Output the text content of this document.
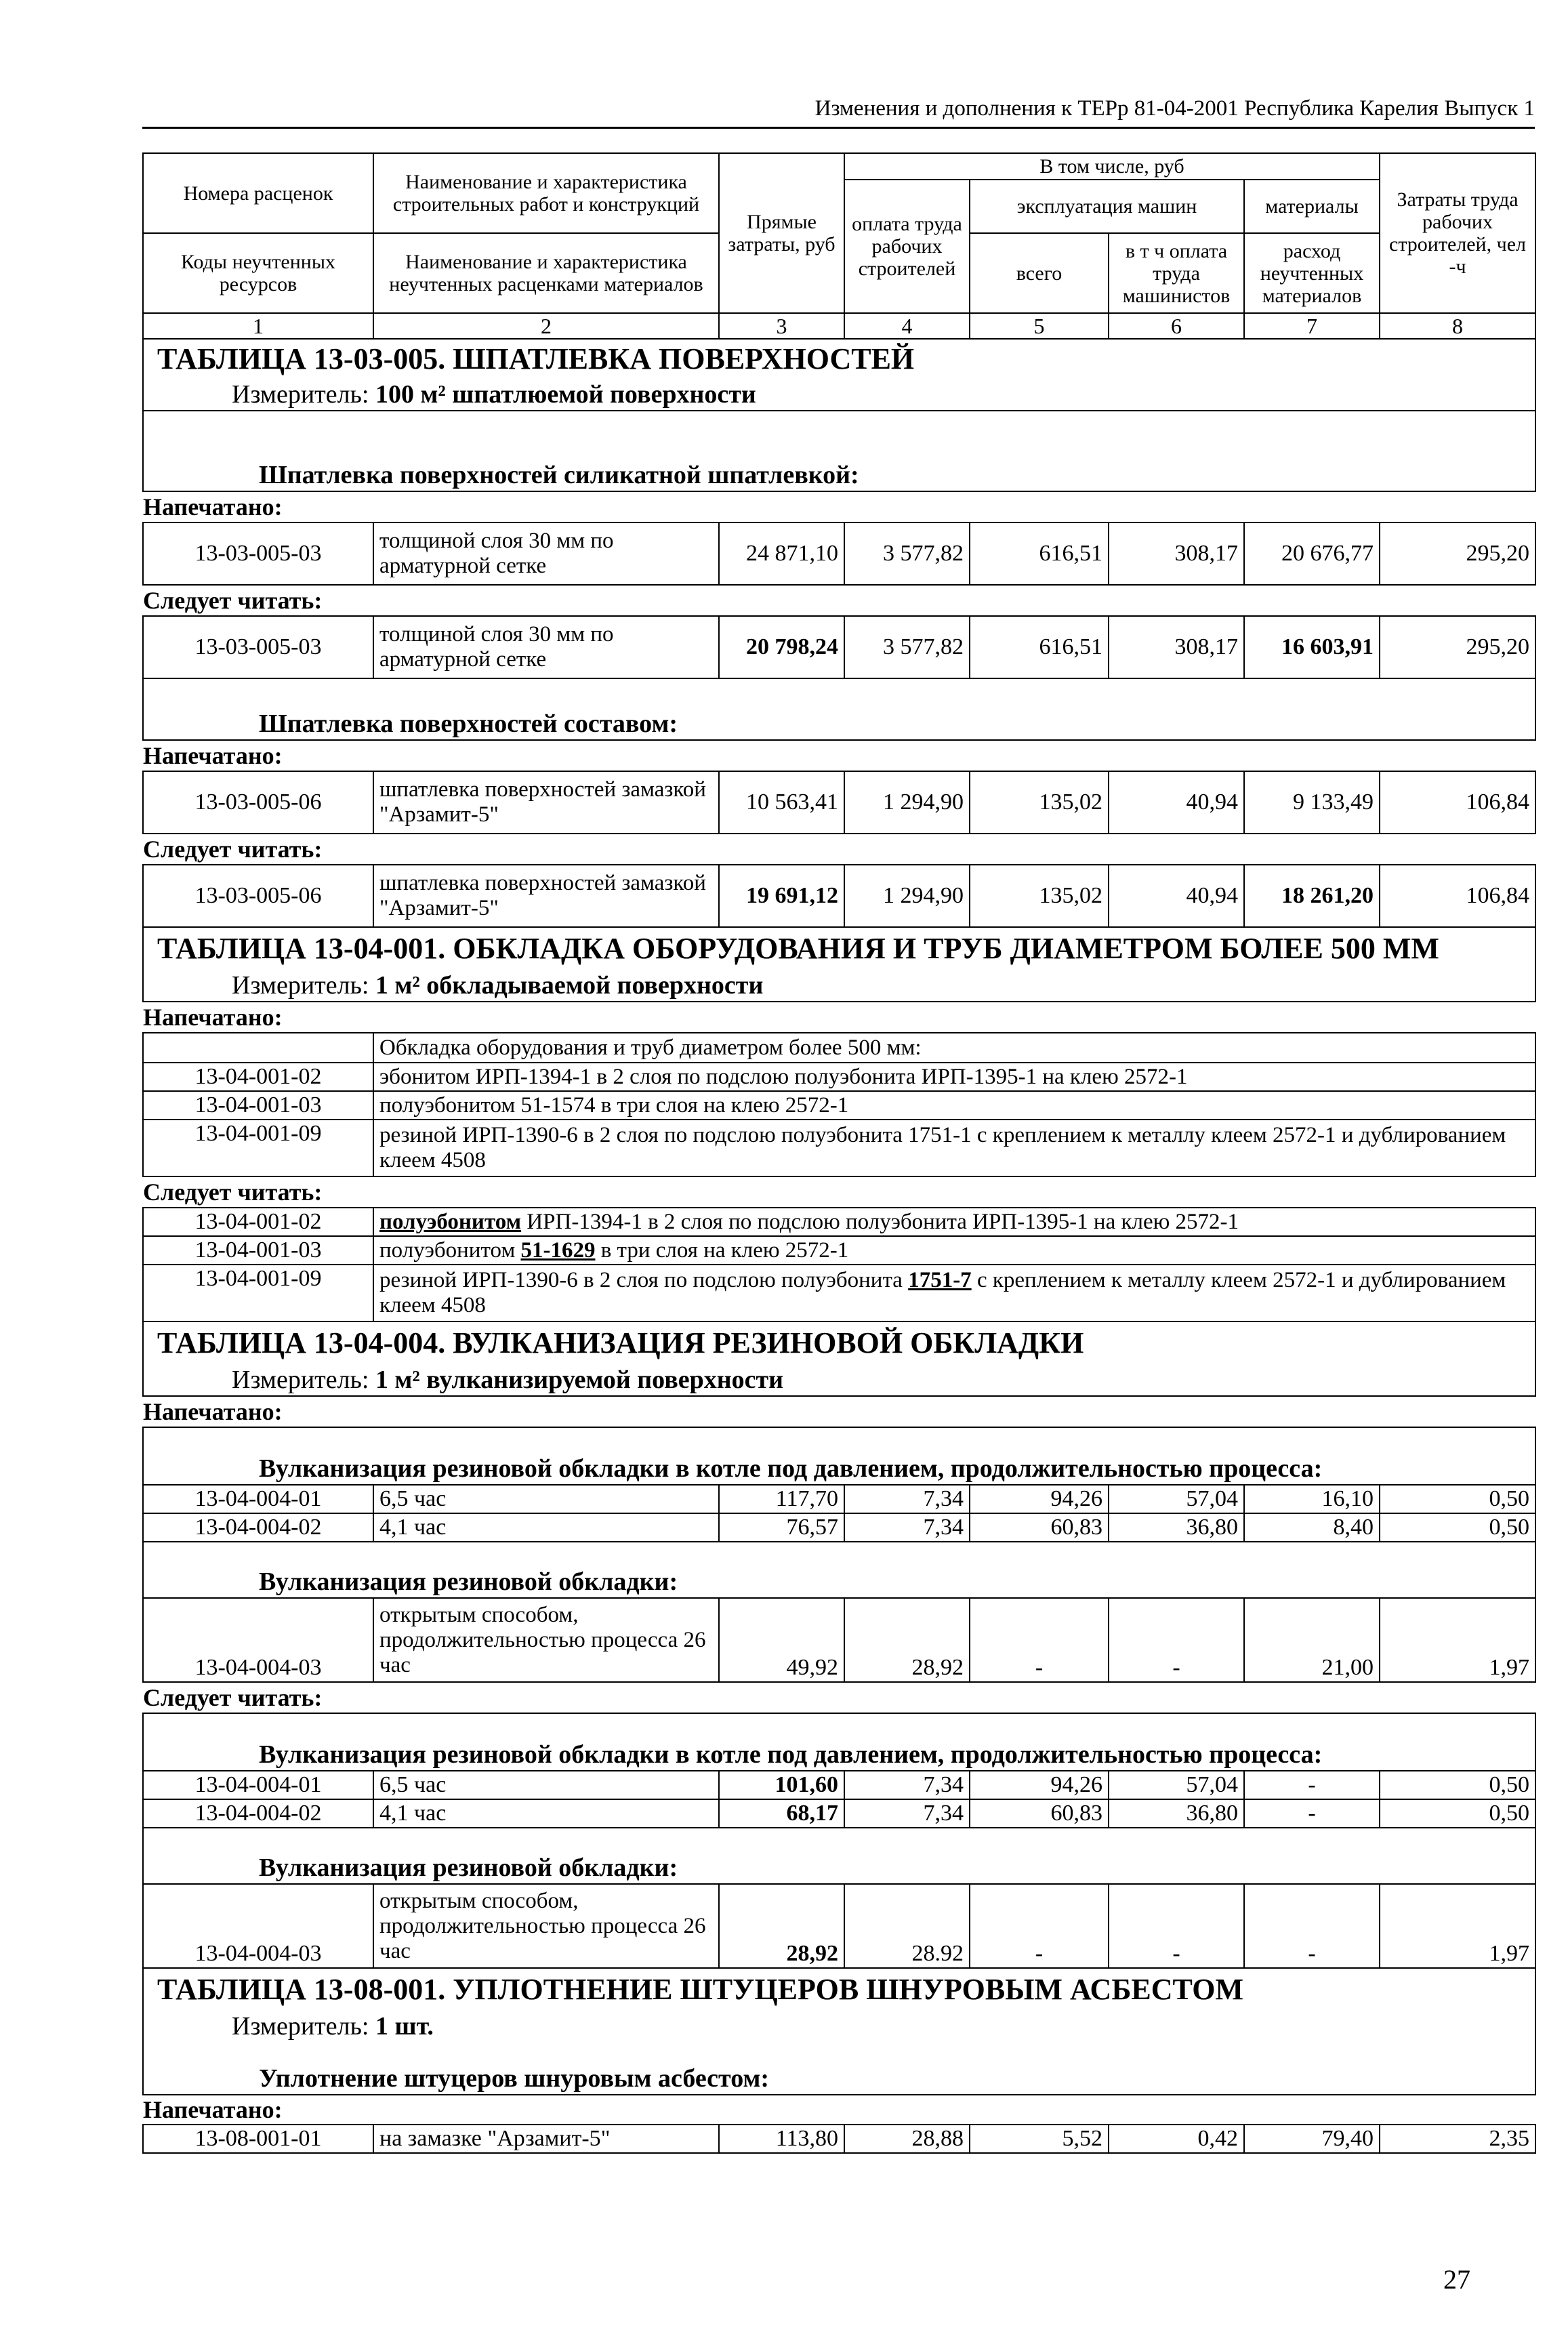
Изменения и дополнения к ТЕРр 81-04-2001 Республика Карелия Выпуск 1

Номера расценок	Наименование и характеристика строительных работ и конструкций	Прямые затраты, руб	В том числе, руб				Затраты труда рабочих строителей, чел -ч
			оплата труда рабочих строителей	эксплуатация машин		материалы	
Коды неучтенных ресурсов	Наименование и характеристика неучтенных расценками материалов			всего	в т ч оплата труда машинистов	расход неучтенных материалов	

1	2	3	4	5	6	7	8
ТАБЛИЦА 13-03-005. ШПАТЛЕВКА ПОВЕРХНОСТЕЙ							
Измеритель: 100 м² шпатлюемой поверхности							

Шпатлевка поверхностей силикатной шпатлевкой:							
Напечатано:							
13-03-005-03	толщиной слоя 30 мм по арматурной сетке	24 871,10	3 577,82	616,51	308,17	20 676,77	295,20
Следует читать:							
13-03-005-03	толщиной слоя 30 мм по арматурной сетке	20 798,24	3 577,82	616,51	308,17	16 603,91	295,20

Шпатлевка поверхностей составом:							
Напечатано:							
13-03-005-06	шпатлевка поверхностей замазкой "Арзамит-5"	10 563,41	1 294,90	135,02	40,94	9 133,49	106,84
Следует читать:							
13-03-005-06	шпатлевка поверхностей замазкой "Арзамит-5"	19 691,12	1 294,90	135,02	40,94	18 261,20	106,84
ТАБЛИЦА 13-04-001. ОБКЛАДКА ОБОРУДОВАНИЯ И ТРУБ ДИАМЕТРОМ БОЛЕЕ 500 ММ							
Измеритель: 1 м² обкладываемой поверхности							
Напечатано:							
	Обкладка оборудования и труб диаметром более 500 мм:						
13-04-001-02	эбонитом ИРП-1394-1 в 2 слоя по подслою полуэбонита ИРП-1395-1 на клею 2572-1						
13-04-001-03	полуэбонитом 51-1574 в три слоя на клею 2572-1						
13-04-001-09	резиной ИРП-1390-6 в 2 слоя по подслою полуэбонита 1751-1 с креплением к металлу клеем 2572-1 и дублированием клеем 4508						
Следует читать:							
13-04-001-02	полуэбонитом ИРП-1394-1 в 2 слоя по подслою полуэбонита ИРП-1395-1 на клею 2572-1						
13-04-001-03	полуэбонитом 51-1629 в три слоя на клею 2572-1						
13-04-001-09	резиной ИРП-1390-6 в 2 слоя по подслою полуэбонита 1751-7 с креплением к металлу клеем 2572-1 и дублированием клеем 4508						
ТАБЛИЦА 13-04-004. ВУЛКАНИЗАЦИЯ РЕЗИНОВОЙ ОБКЛАДКИ							
Измеритель: 1 м² вулканизируемой поверхности							
Напечатано:							

Вулканизация резиновой обкладки в котле под давлением, продолжительностью процесса:							
13-04-004-01	6,5 час	117,70	7,34	94,26	57,04	16,10	0,50
13-04-004-02	4,1 час	76,57	7,34	60,83	36,80	8,40	0,50

Вулканизация резиновой обкладки:							
13-04-004-03	открытым способом, продолжительностью процесса 26 час	49,92	28,92	-	-	21,00	1,97
Следует читать:							

Вулканизация резиновой обкладки в котле под давлением, продолжительностью процесса:							
13-04-004-01	6,5 час	101,60	7,34	94,26	57,04	-	0,50
13-04-004-02	4,1 час	68,17	7,34	60,83	36,80	-	0,50

Вулканизация резиновой обкладки:							
13-04-004-03	открытым способом, продолжительностью процесса 26 час	28,92	28.92	-	-	-	1,97
ТАБЛИЦА 13-08-001. УПЛОТНЕНИЕ ШТУЦЕРОВ ШНУРОВЫМ АСБЕСТОМ							
Измеритель: 1 шт.							

Уплотнение штуцеров шнуровым асбестом:							
Напечатано:							
13-08-001-01	на замазке "Арзамит-5"	113,80	28,88	5,52	0,42	79,40	2,35
27
